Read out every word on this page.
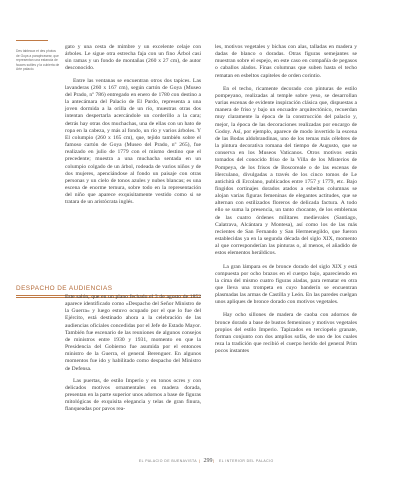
Des tableaux et des photos de Goya a paraphrasear, que representan una estancia de fauces sutiles y la cubierta de Arte palacio.

gato y una cesta de mimbre y un excelente celaje con árboles. Le sigue otra estrecha faja con un fino Árbol casi sin ramas y un fondo de montañas (260 x 27 cm), de autor desconocido.

Entre las ventanas se encuentran otros dos tapices. Las lavanderas (260 x 167 cm), según cartón de Goya (Museo del Prado, nº 786) entregado en enero de 1780 con destino a la antecámara del Palacio de El Pardo, representa a una joven dormida a la orilla de un río, muestras otras dos intentan despertarla acercándole un corderillo a la cara; detrás hay otras dos muchachas, una de ellas con un hato de ropa en la cabeza, y más al fondo, un río y varios árboles. Y El columpio (260 x 165 cm), que, tejido también sobre el famoso cartón de Goya (Museo del Prado, nº 265), fue realizado en julio de 1779 con el mismo destino que el precedente; muestra a una muchacha sentada en un columpio colgado de un árbol, rodeada de varios niños y de dos mujeres, apenciándose al fondo un paisaje con otras personas y un cielo de tonos azules y nubes blancas; es una escena de enorme ternura, sobre todo en la representación del niño que aparece exquisitamente vestido como si se tratara de un aristócrata inglés.

DESPACHO DE AUDIENCIAS

Este salón, que en un plano fechado el 3 de agosto de 1852 aparece identificado como «Despacho del Señor Ministro de la Guerra» y luego estuvo ocupado por el que lo fue del Ejército, está destinado ahora a la celebración de las audiencias oficiales concedidas por el Jefe de Estado Mayor. También fue escenario de las reuniones de algunos consejos de ministros entre 1930 y 1931, momento en que la Presidencia del Gobierno fue asumida por el entonces ministro de la Guerra, el general Berenguer. En algunos momentos fue ido y habilitado como despacho del Ministro de Defensa.

Las puertas, de estilo Imperio y en tonos ocres y con delicados motivos ornamentales en madera dorada, presentan en la parte superior unos adornos a base de figuras mitológicas de exquisita elegancia y telas de gran finura, flanqueadas por pavos rea-

les, motivos vegetales y bichas con alas, talladas en madera y dadas de blanco o doradas. Otras figuras semejantes se muestran sobre el espejo, en este caso en compañía de pegasos o caballos alados. Finas columnas que suben hasta el techo rematan en esbeltos capiteles de orden corintio.

En el techo, ricamente decorado con pinturas de estilo pompeyano, realizadas al temple sobre yeso, se desarrollan varias escenas de evidente inspiración clásica que, dispuestas a manera de friso y bajo un encuadre arquitectónico, recuerdan muy claramente la época de la construcción del palacio y, mejor, la época de las decoraciones realizadas por encargo de Godoy. Así, por ejemplo, aparece de modo invertido la escena de las Bodas aldobrandinas, uno de los temas más célebres de la pintura decorativa romana del tiempo de Augusto, que se conserva en los Museos Vaticanos. Otros motivos están tomados del conocido friso de la Villa de los Misterios de Pompeya, de los frisos de Boscoreale o de las escenas de Herculano, divulgadas a través de los cinco tomos de Le antichità di Ercolano, publicados entre 1757 y 1779, etc. Bajo fingidos cortinajes dorados atados a esbeltas columnas se alojan varias figuras femeninas de elegantes actitudes, que se alternan con estilizados floreros de delicada factura. A todo ello se suma la presencia, un tanto chocante, de los emblemas de las cuatro órdenes militares medievales (Santiago, Calatrava, Alcántara y Montesa), así como los de las más recientes de San Fernando y San Hermenegildo, que fueron establecidas ya en la segunda década del siglo XIX, momento al que corresponderían las pinturas o, al menos, el añadido de estos elementos heráldicos.

La gran lámpara es de bronce dorado del siglo XIX y está compuesta por ocho brazos en el cuerpo bajo, apareciendo en la cima del mismo cuatro figuras aladas, para rematar en otra que lleva una trompeta en cuyo banderín se encuentran plasmadas las armas de Castilla y León. En las paredes cuelgan unos apliques de bronce dorado con motivos vegetales.

Hay ocho sillones de madera de caoba con adornos de bronce dorado a base de bustos femeninos y motivos vegetales propios del estilo Imperio. Tapizados en terciopelo granate, forman conjunto con dos amplios sofás, de uno de los cuales reza la tradición que recibió el cuerpo herido del general Prim pocos instantes

EL PALACIO DE BUENAVISTA | 299 | EL INTERIOR DEL PALACIO
